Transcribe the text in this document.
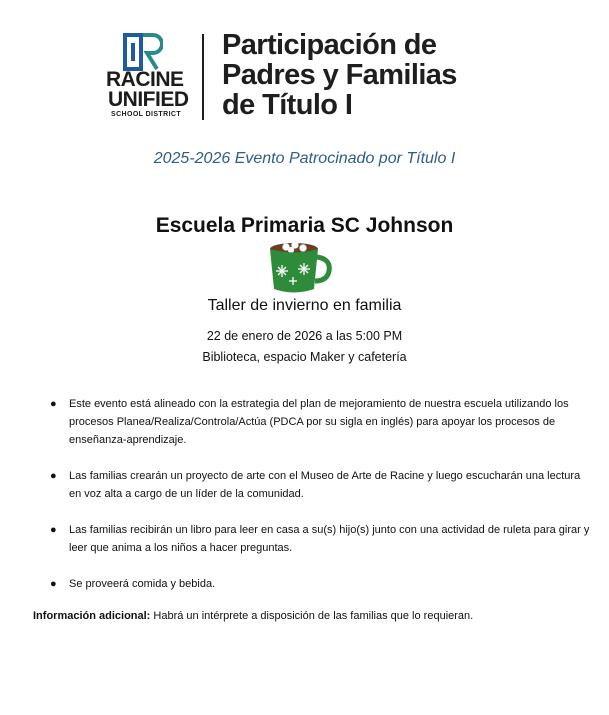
RACINE
UNIFIED
SCHOOL DISTRICT
Participación de
Padres y Familias
de Título I
2025-2026 Evento Patrocinado por Título I
Escuela Primaria SC Johnson
Taller de invierno en familia
22 de enero de 2026 a las 5:00 PM
Biblioteca, espacio Maker y cafetería
● Este evento está alineado con la estrategia del plan de mejoramiento de nuestra escuela utilizando los procesos Planea/Realiza/Controla/Actúa (PDCA por su sigla en inglés) para apoyar los procesos de enseñanza-aprendizaje.
● Las familias crearán un proyecto de arte con el Museo de Arte de Racine y luego escucharán una lectura en voz alta a cargo de un líder de la comunidad.
● Las familias recibirán un libro para leer en casa a su(s) hijo(s) junto con una actividad de ruleta para girar y leer que anima a los niños a hacer preguntas.
● Se proveerá comida y bebida.
Información adicional: Habrá un intérprete a disposición de las familias que lo requieran.
